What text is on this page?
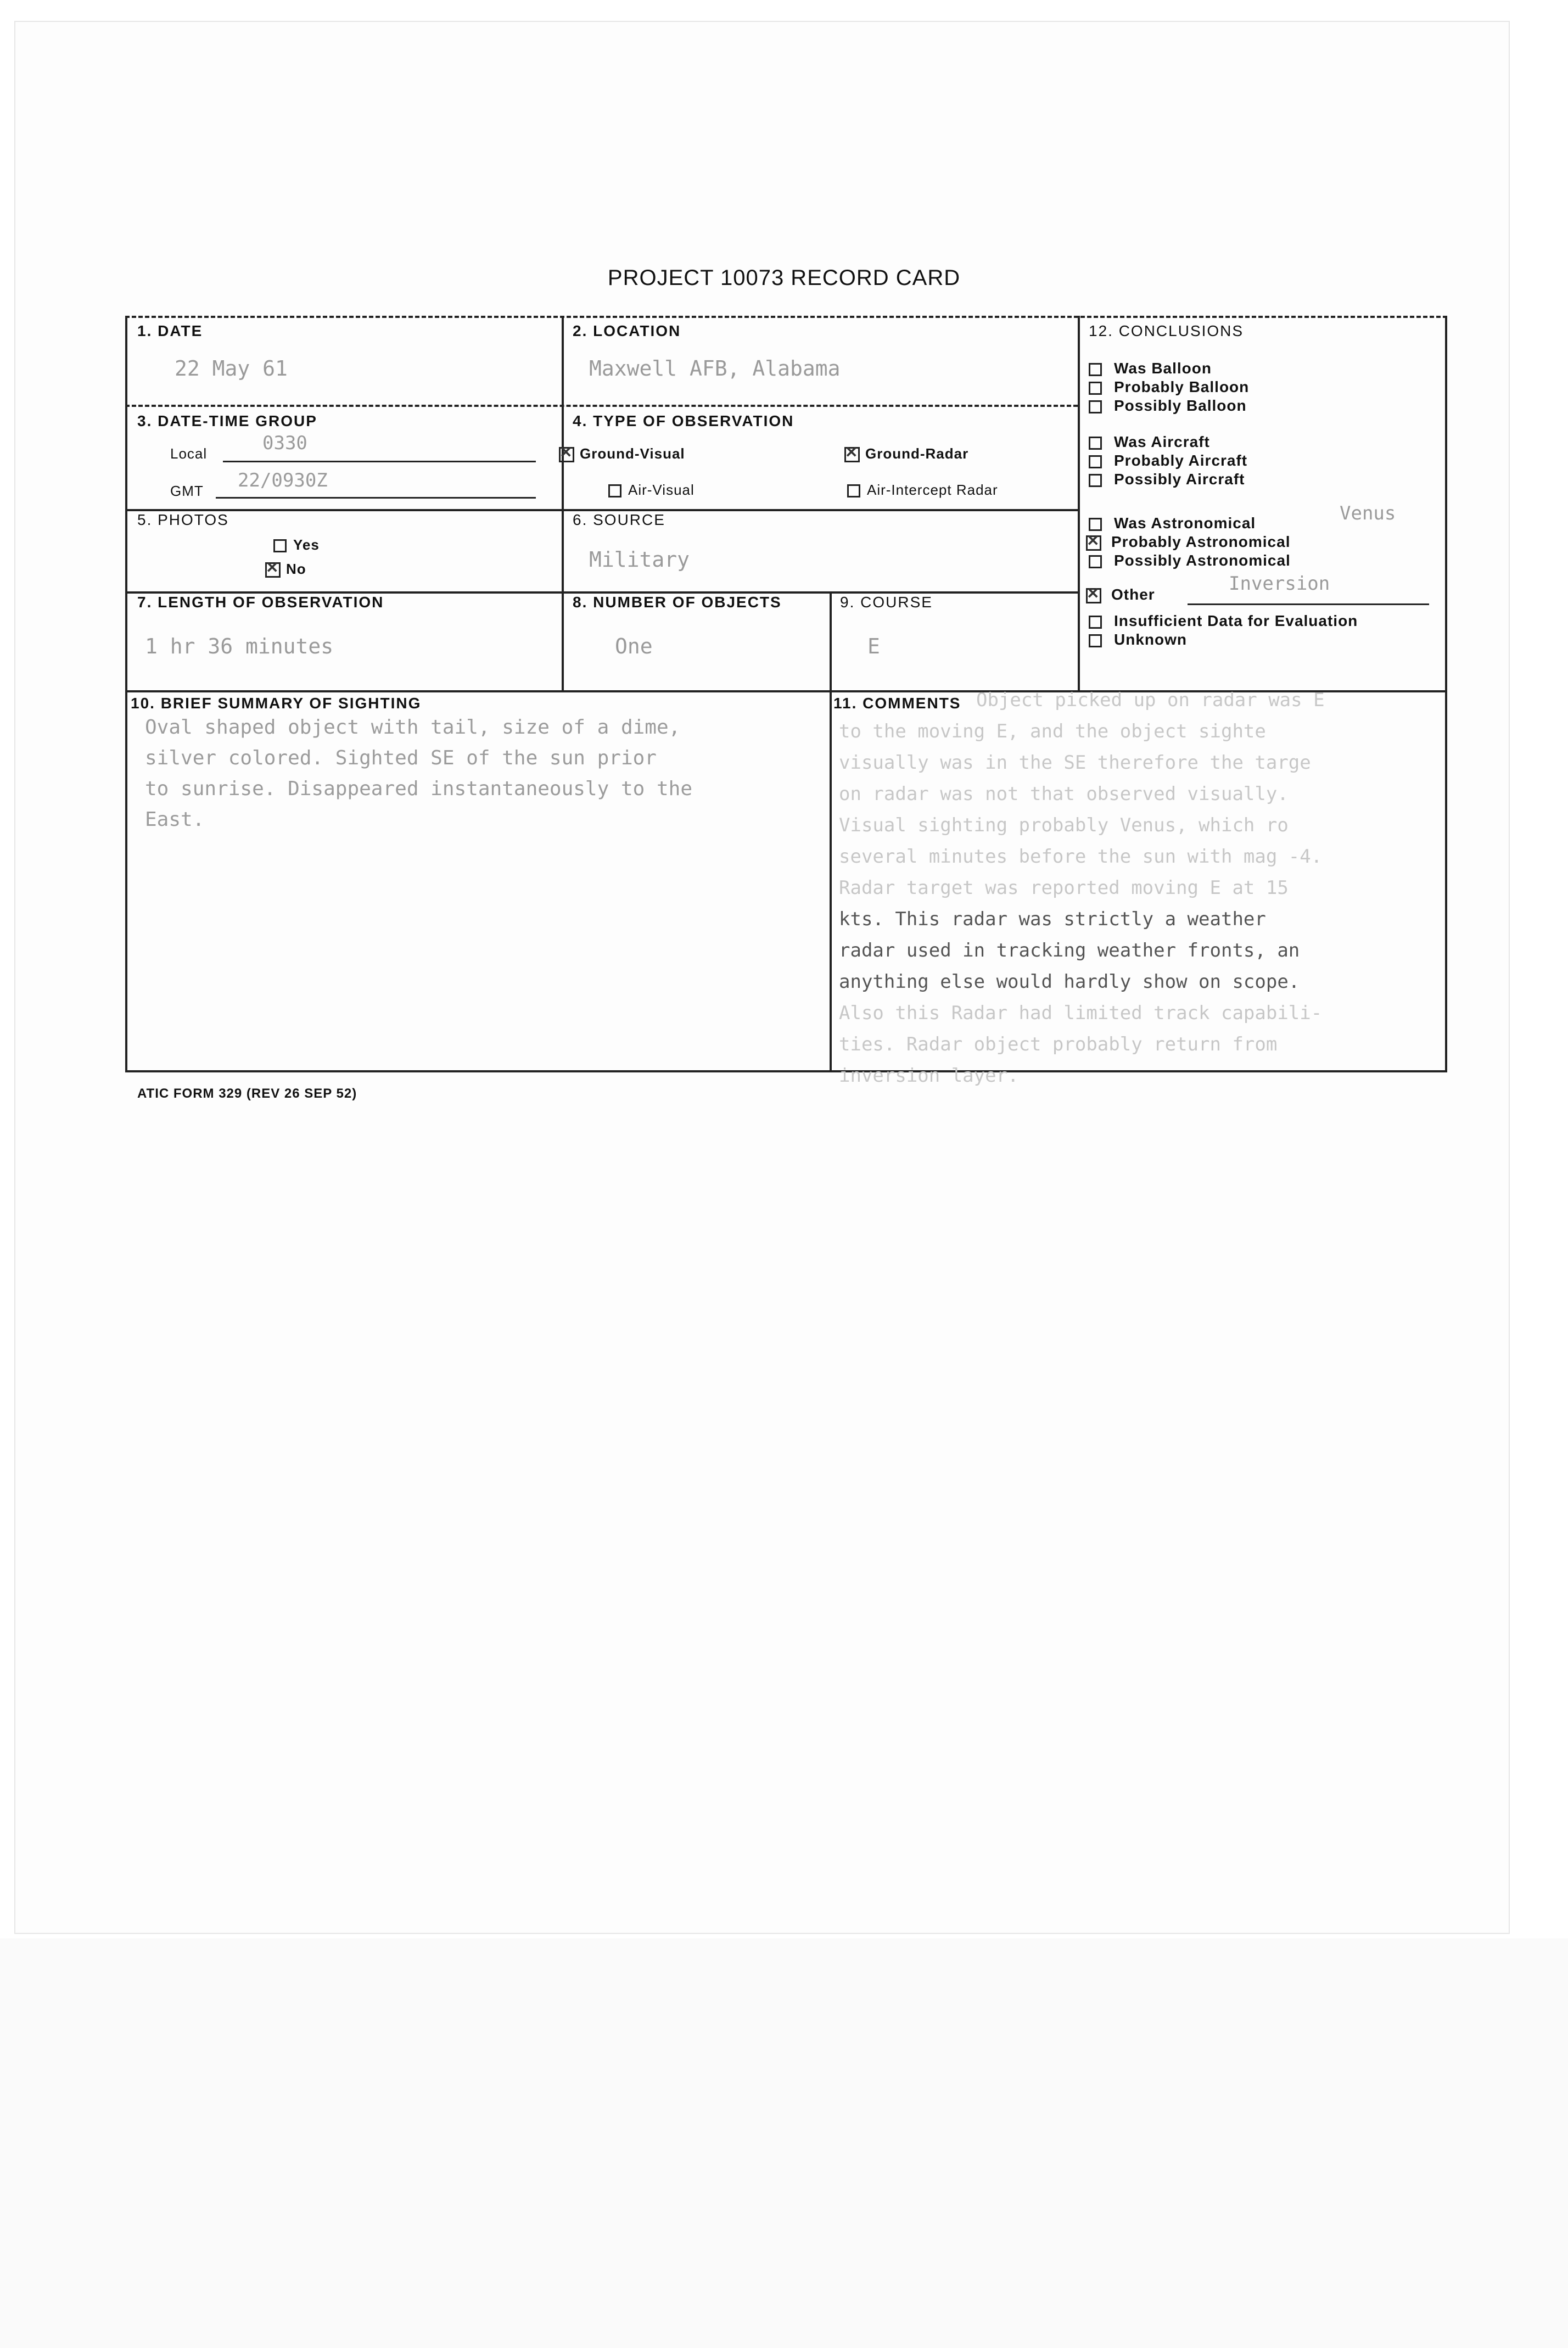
PROJECT 10073 RECORD CARD
1. DATE
22 May 61
2. LOCATION
Maxwell AFB, Alabama
3. DATE-TIME GROUP
Local	0330
GMT 22/0930Z
4. TYPE OF OBSERVATION
✕Ground-Visual
✕	Ground-Radar
Air-Visual	Air-Intercept Radar
5. PHOTOS
Yes
✕No
6. SOURCE
Military
7. LENGTH OF OBSERVATION
1 hr 36 minutes
8. NUMBER OF OBJECTS
One
9. COURSE
E
12. CONCLUSIONS
Was Balloon
Probably Balloon
Possibly Balloon
Was Aircraft
Probably Aircraft
Possibly Aircraft
Was Astronomical	Venus
✕Probably Astronomical
Possibly Astronomical
✕Other	Inversion
Insufficient Data for Evaluation
Unknown
10. BRIEF SUMMARY OF SIGHTING
Oval shaped object with tail, size of a dime,
silver colored. Sighted SE of the sun prior
to sunrise. Disappeared instantaneously to the
East.
11. COMMENTS Object picked up on radar was E
to the moving E, and the object sighte
visually was in the SE therefore the targe
on radar was not that observed visually.
Visual sighting probably Venus, which ro
several minutes before the sun with mag -4.
Radar target was reported moving E at 15
kts. This radar was strictly a weather
radar used in tracking weather fronts, an
anything else would hardly show on scope.
Also this Radar had limited track capabili-
ties. Radar object probably return from
inversion layer.
ATIC FORM 329 (REV 26 SEP 52)
